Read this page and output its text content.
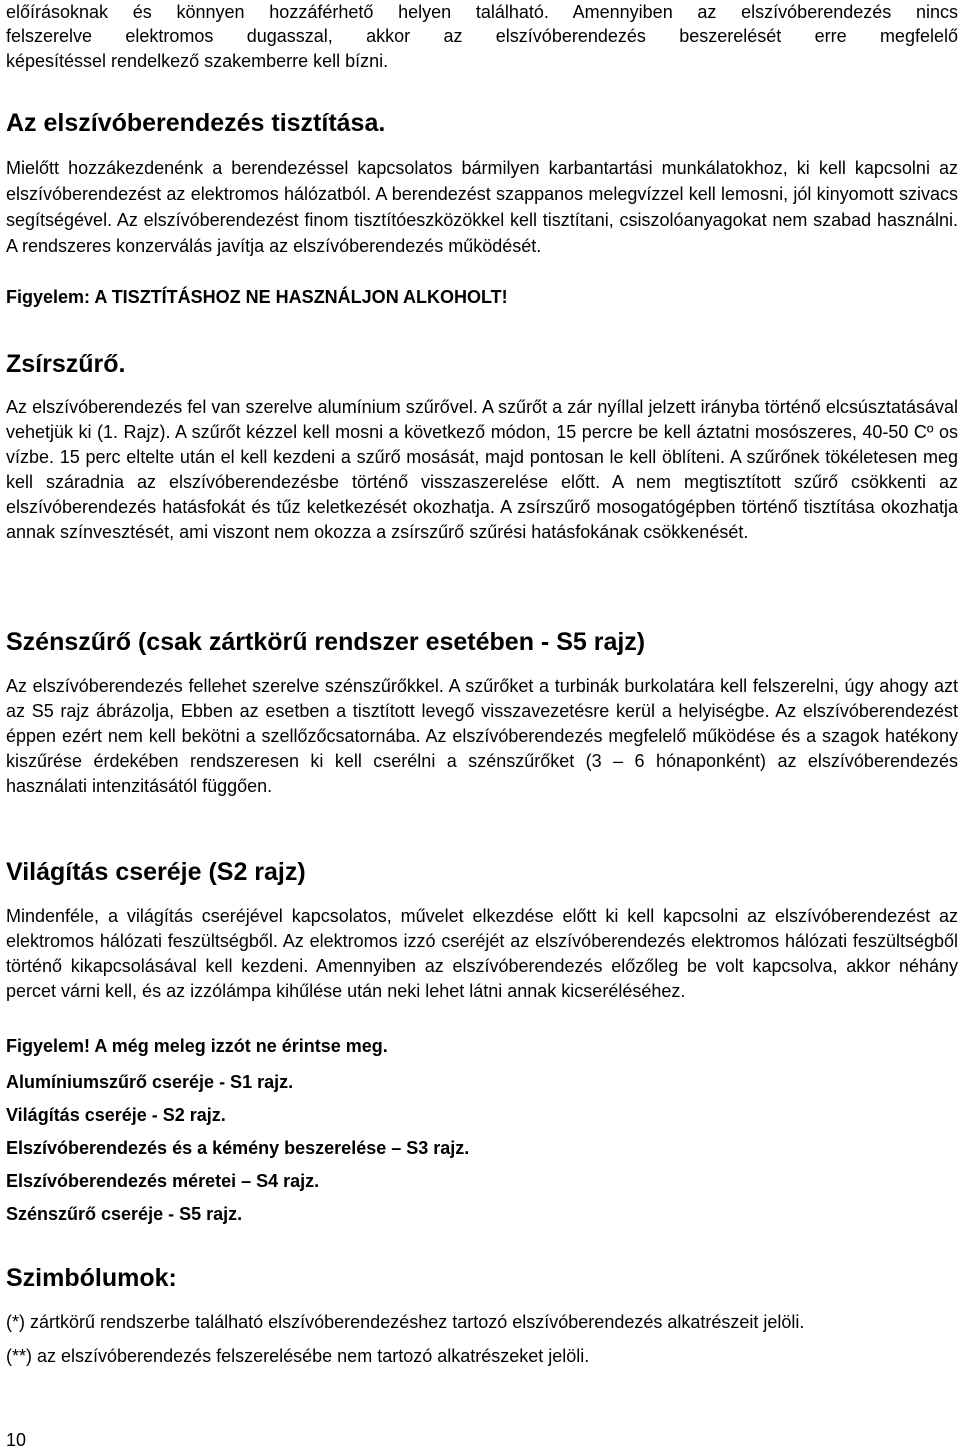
előírásoknak és könnyen hozzáférhető helyen található. Amennyiben az elszívóberendezés nincs

felszerelve elektromos dugasszal, akkor az elszívóberendezés beszerelését erre megfelelő

képesítéssel rendelkező szakemberre kell bízni.

Az elszívóberendezés tisztítása.

Mielőtt hozzákezdenénk a berendezéssel kapcsolatos bármilyen karbantartási munkálatokhoz, ki kell kapcsolni az elszívóberendezést az elektromos hálózatból. A berendezést szappanos melegvízzel kell lemosni, jól kinyomott szivacs segítségével. Az elszívóberendezést finom tisztítóeszközökkel kell tisztítani, csiszolóanyagokat nem szabad használni. A rendszeres konzerválás javítja az elszívóberendezés működését.

Figyelem: A TISZTÍTÁSHOZ NE HASZNÁLJON ALKOHOLT!

Zsírszűrő.

Az elszívóberendezés fel van szerelve alumínium szűrővel. A szűrőt a zár nyíllal jelzett irányba történő elcsúsztatásával vehetjük ki (1. Rajz). A szűrőt kézzel kell mosni a következő módon, 15 percre be kell áztatni mosószeres, 40-50 Cº os vízbe. 15 perc eltelte után el kell kezdeni a szűrő mosását, majd pontosan le kell öblíteni. A szűrőnek tökéletesen meg kell száradnia az elszívóberendezésbe történő visszaszerelése előtt. A nem megtisztított szűrő csökkenti az elszívóberendezés hatásfokát és tűz keletkezését okozhatja. A zsírszűrő mosogatógépben történő tisztítása okozhatja annak színvesztését, ami viszont nem okozza a zsírszűrő szűrési hatásfokának csökkenését.

Szénszűrő (csak zártkörű rendszer esetében - S5 rajz)

Az elszívóberendezés fellehet szerelve szénszűrőkkel. A szűrőket a turbinák burkolatára kell felszerelni, úgy ahogy azt az S5 rajz ábrázolja, Ebben az esetben a tisztított levegő visszavezetésre kerül a helyiségbe. Az elszívóberendezést éppen ezért nem kell bekötni a szellőzőcsatornába. Az elszívóberendezés megfelelő működése és a szagok hatékony kiszűrése érdekében rendszeresen ki kell cserélni a szénszűrőket (3 – 6 hónaponként) az elszívóberendezés használati intenzitásától függően.

Világítás cseréje (S2 rajz)

Mindenféle, a világítás cseréjével kapcsolatos, művelet elkezdése előtt ki kell kapcsolni az elszívóberendezést az elektromos hálózati feszültségből. Az elektromos izzó cseréjét az elszívóberendezés elektromos hálózati feszültségből történő kikapcsolásával kell kezdeni. Amennyiben az elszívóberendezés előzőleg be volt kapcsolva, akkor néhány percet várni kell, és az izzólámpa kihűlése után neki lehet látni annak kicseréléséhez.

Figyelem! A még meleg izzót ne érintse meg.

Alumíniumszűrő cseréje - S1 rajz.

Világítás cseréje - S2 rajz.

Elszívóberendezés és a kémény beszerelése – S3 rajz.

Elszívóberendezés méretei – S4 rajz.

Szénszűrő cseréje - S5 rajz.

Szimbólumok:

(*) zártkörű rendszerbe található elszívóberendezéshez tartozó elszívóberendezés alkatrészeit jelöli.

(**) az elszívóberendezés felszerelésébe nem tartozó alkatrészeket jelöli.

10
